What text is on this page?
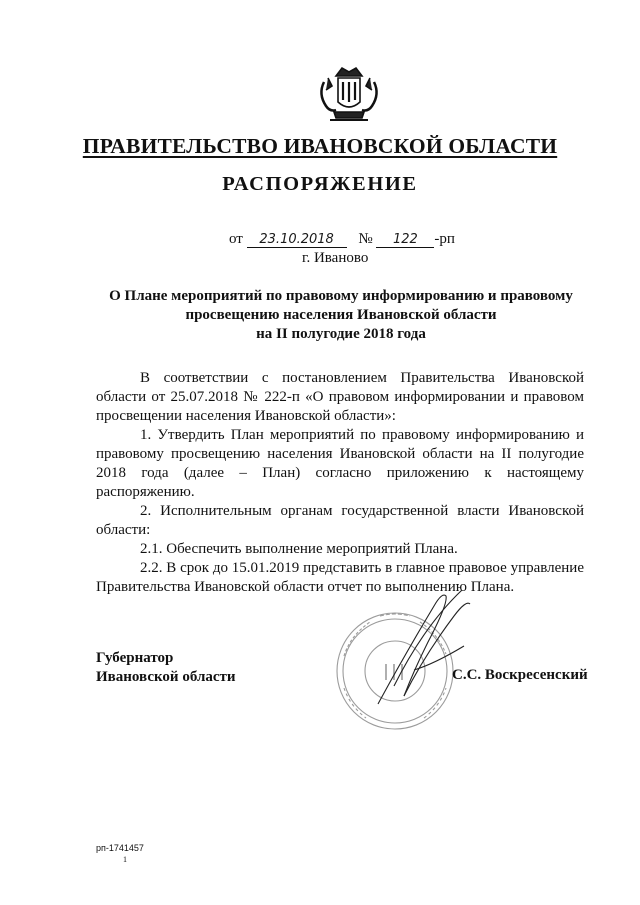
ПРАВИТЕЛЬСТВО ИВАНОВСКОЙ ОБЛАСТИ
РАСПОРЯЖЕНИЕ
от 23.10.2018 № 122 -рп
г. Иваново
О Плане мероприятий по правовому информированию и правовому
просвещению населения Ивановской области
на II полугодие 2018 года

В соответствии с постановлением Правительства Ивановской области от 25.07.2018 № 222-п «О правовом информировании и правовом просвещении населения Ивановской области»:

1. Утвердить План мероприятий по правовому информированию и правовому просвещению населения Ивановской области на II полугодие 2018 года (далее – План) согласно приложению к настоящему распоряжению.

2. Исполнительным органам государственной власти Ивановской области:

2.1. Обеспечить выполнение мероприятий Плана.

2.2. В срок до 15.01.2019 представить в главное правовое управление Правительства Ивановской области отчет по выполнению Плана.

Губернатор
Ивановской области	С.С. Воскресенский
рп-1741457
1
